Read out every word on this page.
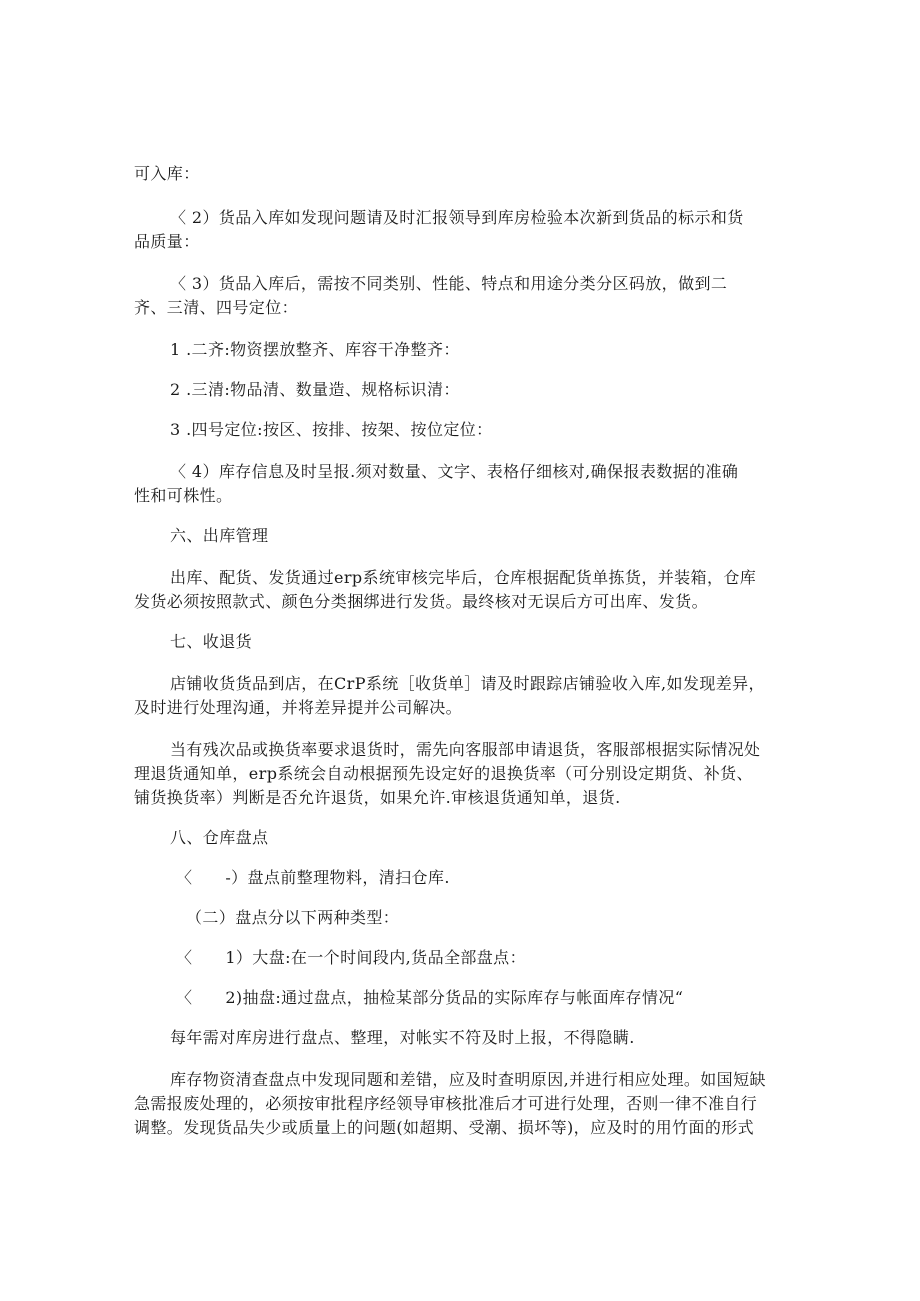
可入库：
〈 2）货品入库如发现问题请及时汇报领导到库房检验本次新到货品的标示和货
品质量：
〈 3）货品入库后，需按不同类别、性能、特点和用途分类分区码放，做到二
齐、三清、四号定位：
1 .二齐:物资摆放整齐、库容干净整齐：
2 .三清:物品清、数量造、规格标识清：
3 .四号定位:按区、按排、按架、按位定位：
〈 4）库存信息及时呈报.须对数量、文字、表格仔细核对,确保报表数据的准确
性和可株性。
六、出库管理
出库、配货、发货通过erp系统审核完毕后，仓库根据配货单拣货，并装箱，仓库
发货必须按照款式、颜色分类捆绑进行发货。最终核对无误后方可出库、发货。
七、收退货
店铺收货货品到店，在CrP系统［收货单］请及时跟踪店铺验收入库,如发现差异，
及时进行处理沟通，并将差异提并公司解决。
当有残次品或换货率要求退货时，需先向客服部申请退货，客服部根据实际情况处
理退货通知单，erp系统会自动根据预先设定好的退换货率（可分别设定期货、补货、
铺货换货率）判断是否允许退货，如果允许.审核退货通知单，退货.
八、仓库盘点
〈      -）盘点前整理物料，清扫仓库.
（二）盘点分以下两种类型：
〈      1）大盘:在一个时间段内,货品全部盘点：
〈      2)抽盘:通过盘点，抽检某部分货品的实际库存与帐面库存情况“
每年需对库房进行盘点、整理，对帐实不符及时上报，不得隐瞒.
库存物资清查盘点中发现同题和差错，应及时查明原因,并进行相应处理。如国短缺
急需报废处理的，必须按审批程序经领导审核批准后才可进行处理，否则一律不准自行
调整。发现货品失少或质量上的问题(如超期、受潮、损坏等)，应及时的用竹面的形式
